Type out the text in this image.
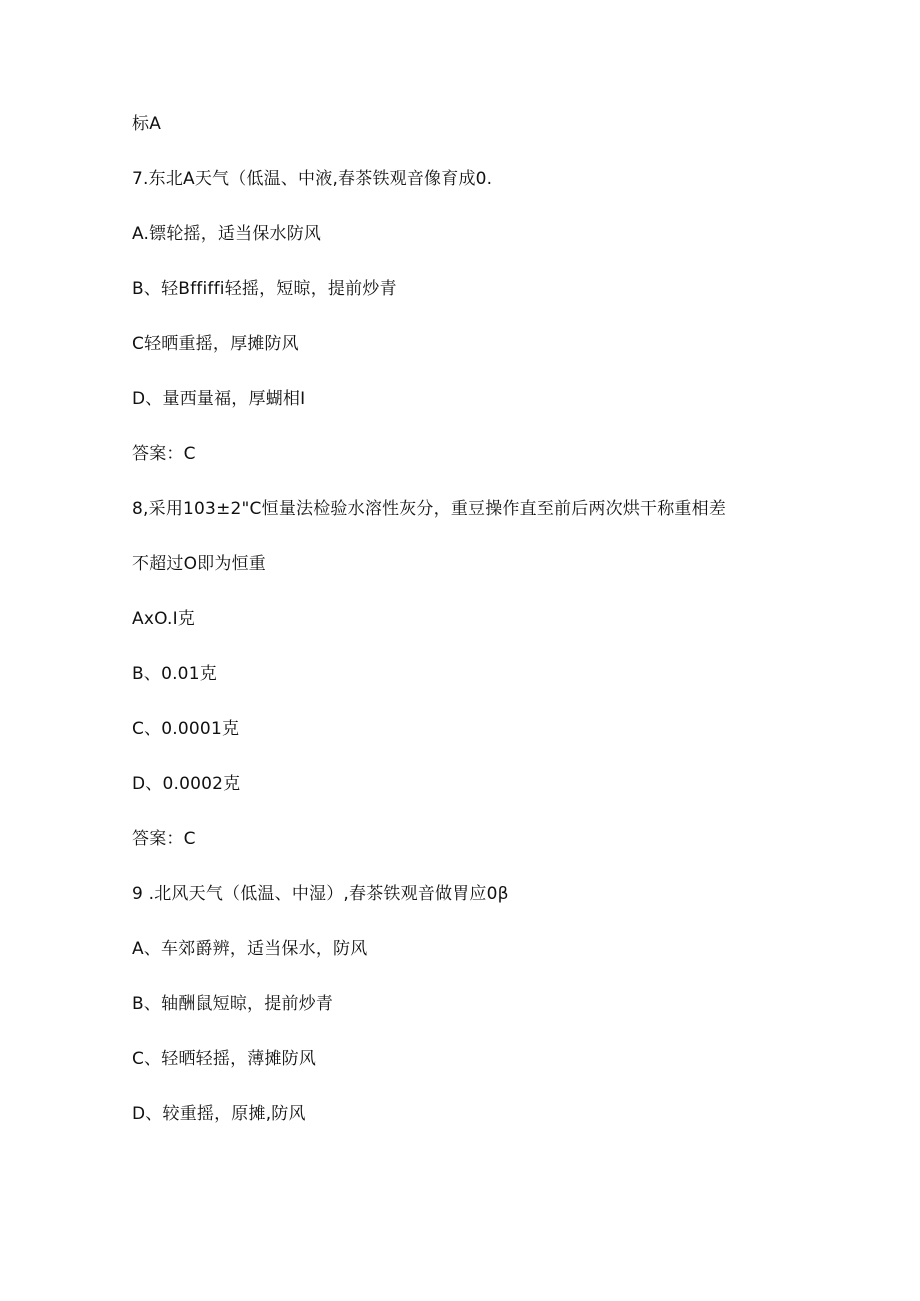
标A
7.东北A天气（低温、中液,春茶铁观音像育成0.
A.镖轮摇，适当保水防风
B、轻Bffiffi轻摇，短晾，提前炒青
C轻晒重摇，厚摊防风
D、量西量福，厚蝴相I
答案：C
8,采用103±2"C恒量法检验水溶性灰分，重豆操作直至前后两次烘干称重相差
不超过O即为恒重
AxO.I克
B、0.01克
C、0.0001克
D、0.0002克
答案：C
9 .北风天气（低温、中湿）,春茶铁观音做胃应0β
A、车郊爵辨，适当保水，防风
B、轴酬鼠短晾，提前炒青
C、轻晒轻摇，薄摊防风
D、较重摇，原摊,防风
